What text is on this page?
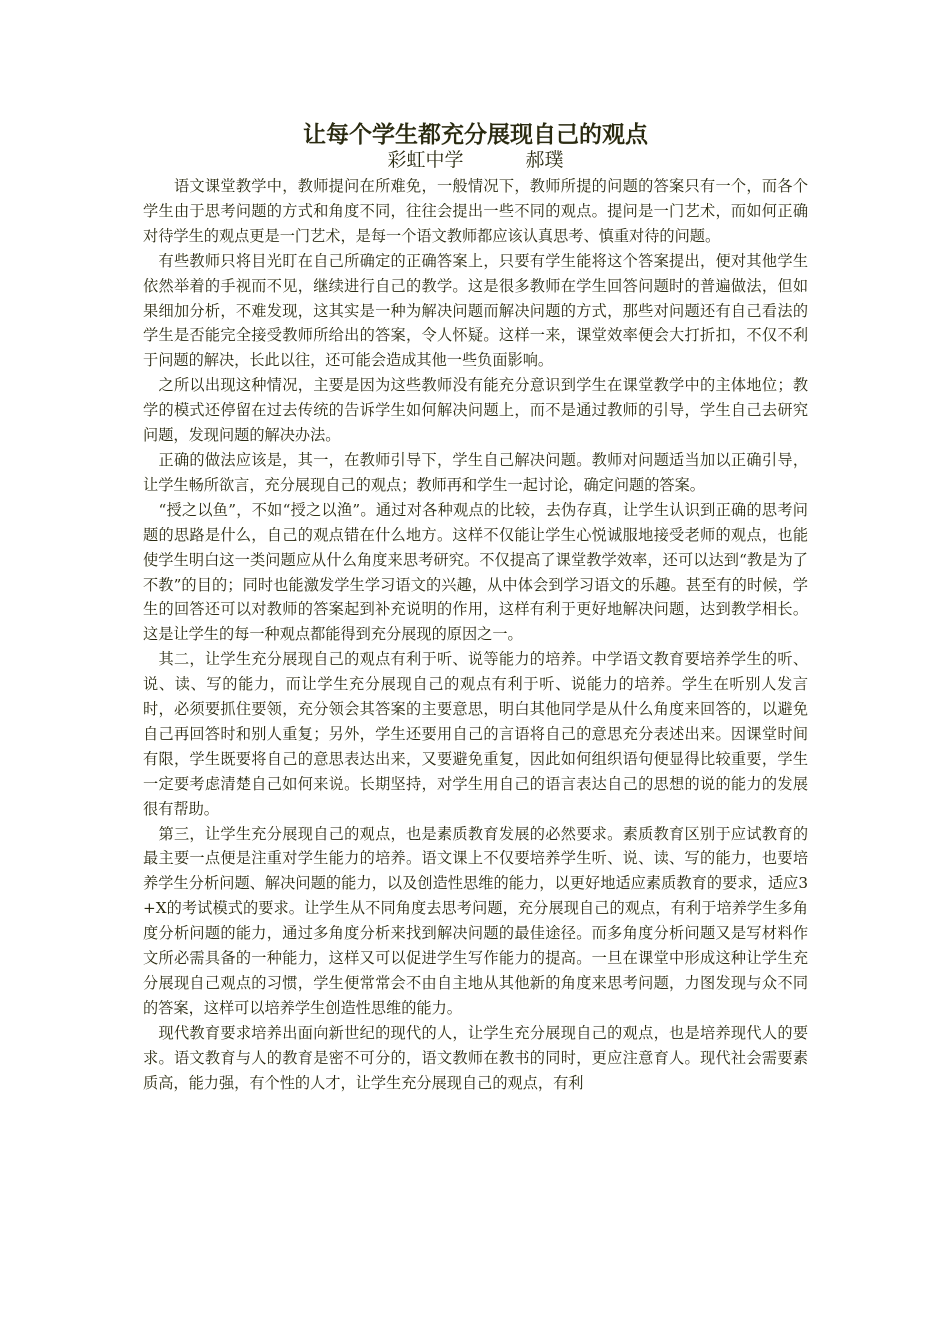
让每个学生都充分展现自己的观点
彩虹中学	郝璞

　　语文课堂教学中，教师提问在所难免，一般情况下，教师所提的问题的答案只有一个，而各个学生由于思考问题的方式和角度不同，往往会提出一些不同的观点。提问是一门艺术，而如何正确对待学生的观点更是一门艺术，是每一个语文教师都应该认真思考、慎重对待的问题。

　有些教师只将目光盯在自己所确定的正确答案上，只要有学生能将这个答案提出，便对其他学生依然举着的手视而不见，继续进行自己的教学。这是很多教师在学生回答问题时的普遍做法，但如果细加分析，不难发现，这其实是一种为解决问题而解决问题的方式，那些对问题还有自己看法的学生是否能完全接受教师所给出的答案，令人怀疑。这样一来，课堂效率便会大打折扣，不仅不利于问题的解决，长此以往，还可能会造成其他一些负面影响。

　之所以出现这种情况，主要是因为这些教师没有能充分意识到学生在课堂教学中的主体地位；教学的模式还停留在过去传统的告诉学生如何解决问题上，而不是通过教师的引导，学生自己去研究问题，发现问题的解决办法。

　正确的做法应该是，其一，在教师引导下，学生自己解决问题。教师对问题适当加以正确引导，让学生畅所欲言，充分展现自己的观点；教师再和学生一起讨论，确定问题的答案。

　“授之以鱼”，不如“授之以渔”。通过对各种观点的比较，去伪存真，让学生认识到正确的思考问题的思路是什么，自己的观点错在什么地方。这样不仅能让学生心悦诚服地接受老师的观点，也能使学生明白这一类问题应从什么角度来思考研究。不仅提高了课堂教学效率，还可以达到“教是为了不教”的目的；同时也能激发学生学习语文的兴趣，从中体会到学习语文的乐趣。甚至有的时候，学生的回答还可以对教师的答案起到补充说明的作用，这样有利于更好地解决问题，达到教学相长。这是让学生的每一种观点都能得到充分展现的原因之一。

　其二，让学生充分展现自己的观点有利于听、说等能力的培养。中学语文教育要培养学生的听、说、读、写的能力，而让学生充分展现自己的观点有利于听、说能力的培养。学生在听别人发言时，必须要抓住要领，充分领会其答案的主要意思，明白其他同学是从什么角度来回答的，以避免自己再回答时和别人重复；另外，学生还要用自己的言语将自己的意思充分表述出来。因课堂时间有限，学生既要将自己的意思表达出来，又要避免重复，因此如何组织语句便显得比较重要，学生一定要考虑清楚自己如何来说。长期坚持，对学生用自己的语言表达自己的思想的说的能力的发展很有帮助。

　第三，让学生充分展现自己的观点，也是素质教育发展的必然要求。素质教育区别于应试教育的最主要一点便是注重对学生能力的培养。语文课上不仅要培养学生听、说、读、写的能力，也要培养学生分析问题、解决问题的能力，以及创造性思维的能力，以更好地适应素质教育的要求，适应3+X的考试模式的要求。让学生从不同角度去思考问题，充分展现自己的观点，有利于培养学生多角度分析问题的能力，通过多角度分析来找到解决问题的最佳途径。而多角度分析问题又是写材料作文所必需具备的一种能力，这样又可以促进学生写作能力的提高。一旦在课堂中形成这种让学生充分展现自己观点的习惯，学生便常常会不由自主地从其他新的角度来思考问题，力图发现与众不同的答案，这样可以培养学生创造性思维的能力。

　现代教育要求培养出面向新世纪的现代的人，让学生充分展现自己的观点，也是培养现代人的要求。语文教育与人的教育是密不可分的，语文教师在教书的同时，更应注意育人。现代社会需要素质高，能力强，有个性的人才，让学生充分展现自己的观点，有利
